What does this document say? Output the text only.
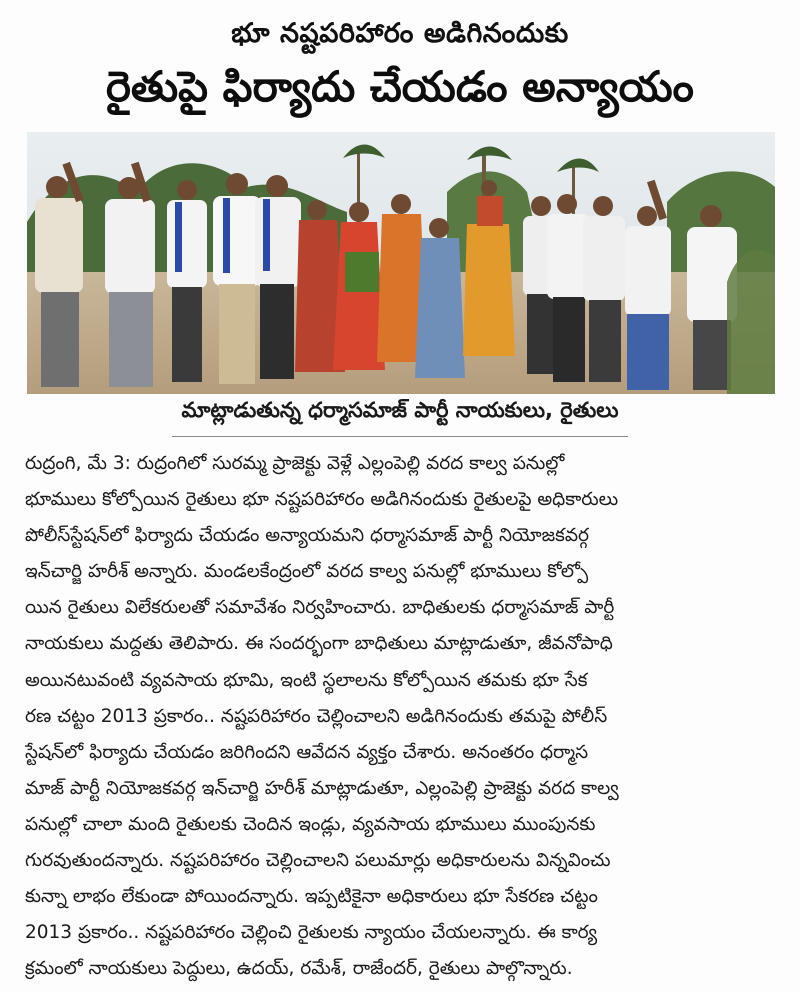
భూ నష్టపరిహారం అడిగినందుకు
రైతుపై ఫిర్యాదు చేయడం అన్యాయం
మాట్లాడుతున్న ధర్మాసమాజ్ పార్టీ నాయకులు, రైతులు
రుద్రంగి, మే 3: రుద్రంగిలో సురమ్మ ప్రాజెక్టు వెళ్లే ఎల్లంపెల్లి వరద కాల్వ పనుల్లో
భూములు కోల్పోయిన రైతులు భూ నష్టపరిహారం అడిగినందుకు రైతులపై అధికారులు
పోలీస్‌స్టేషన్‌లో ఫిర్యాదు చేయడం అన్యాయమని ధర్మాసమాజ్ పార్టీ నియోజకవర్గ
ఇన్‌చార్జి హరీశ్ అన్నారు. మండలకేంద్రంలో వరద కాల్వ పనుల్లో భూములు కోల్పో
యిన రైతులు విలేకరులతో సమావేశం నిర్వహించారు. బాధితులకు ధర్మాసమాజ్ పార్టీ
నాయకులు మద్దతు తెలిపారు. ఈ సందర్భంగా బాధితులు మాట్లాడుతూ, జీవనోపాధి
అయినటువంటి వ్యవసాయ భూమి, ఇంటి స్థలాలను కోల్పోయిన తమకు భూ సేక
రణ చట్టం 2013 ప్రకారం.. నష్టపరిహారం చెల్లించాలని అడిగినందుకు తమపై పోలీస్
స్టేషన్‌లో ఫిర్యాదు చేయడం జరిగిందని ఆవేదన వ్యక్తం చేశారు. అనంతరం ధర్మాస
మాజ్ పార్టీ నియోజకవర్గ ఇన్‌చార్జి హరీశ్ మాట్లాడుతూ, ఎల్లంపెల్లి ప్రాజెక్టు వరద కాల్వ
పనుల్లో చాలా మంది రైతులకు చెందిన ఇండ్లు, వ్యవసాయ భూములు ముంపునకు
గురవుతుందన్నారు. నష్టపరిహారం చెల్లించాలని పలుమార్లు అధికారులను విన్నవించు
కున్నా లాభం లేకుండా పోయిందన్నారు. ఇప్పటికైనా అధికారులు భూ సేకరణ చట్టం
2013 ప్రకారం.. నష్టపరిహారం చెల్లించి రైతులకు న్యాయం చేయలన్నారు. ఈ కార్య
క్రమంలో నాయకులు పెద్దులు, ఉదయ్, రమేశ్, రాజేందర్, రైతులు పాల్గొన్నారు.
